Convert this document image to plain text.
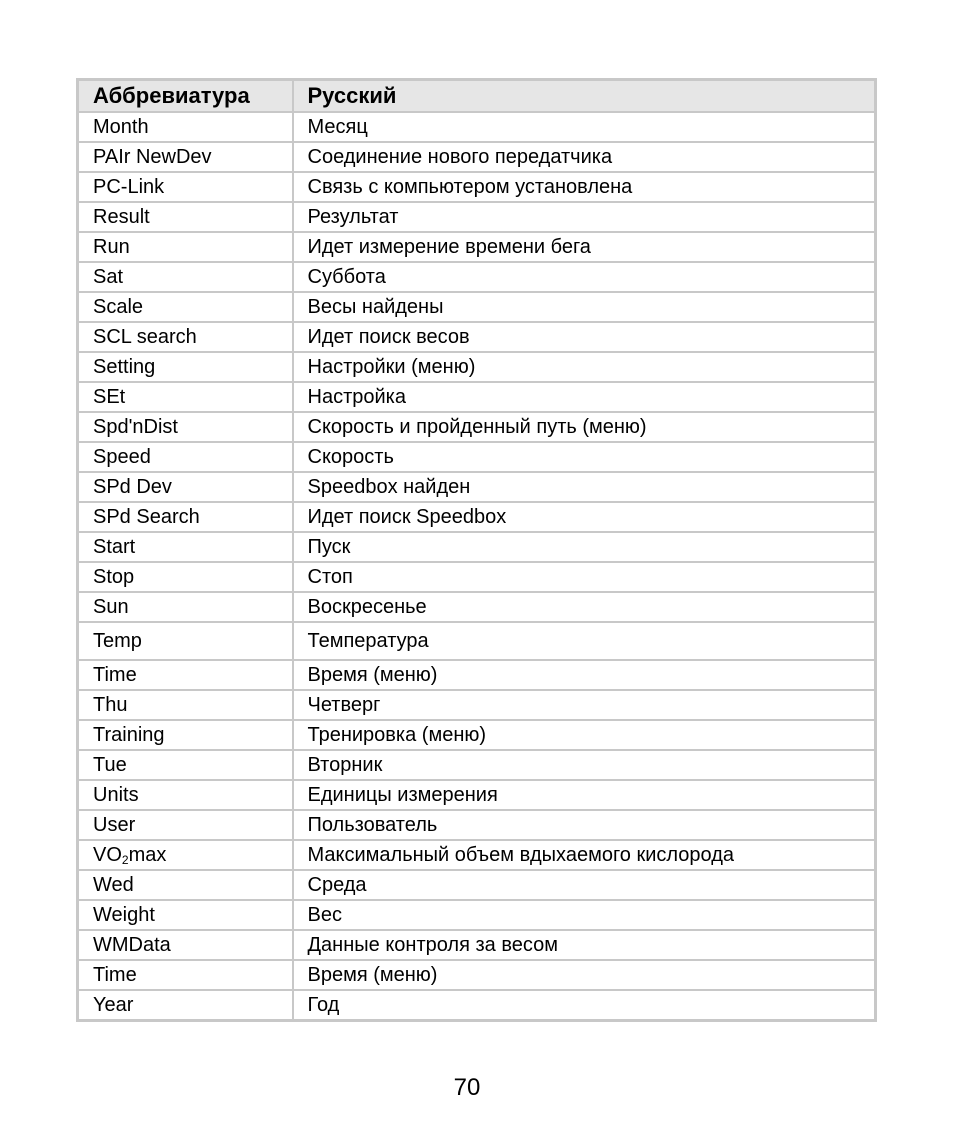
Аббревиатура	Русский
Month	Месяц
PAIr NewDev	Соединение нового передатчика
PC-Link	Связь с компьютером установлена
Result	Результат
Run	Идет измерение времени бега
Sat	Суббота
Scale	Весы найдены
SCL search	Идет поиск весов
Setting	Настройки (меню)
SEt	Настройка
Spd'nDist	Скорость и пройденный путь (меню)
Speed	Скорость
SPd Dev	Speedbox найден
SPd Search	Идет поиск Speedbox
Start	Пуск
Stop	Стоп
Sun	Воскресенье
Temp	Температура
Time	Время (меню)
Thu	Четверг
Training	Тренировка (меню)
Tue	Вторник
Units	Единицы измерения
User	Пользователь
$VO_2\max$	Максимальный объем вдыхаемого кислорода
Wed	Среда
Weight	Вес
WMData	Данные контроля за весом
Time	Время (меню)
Year	Год
70
